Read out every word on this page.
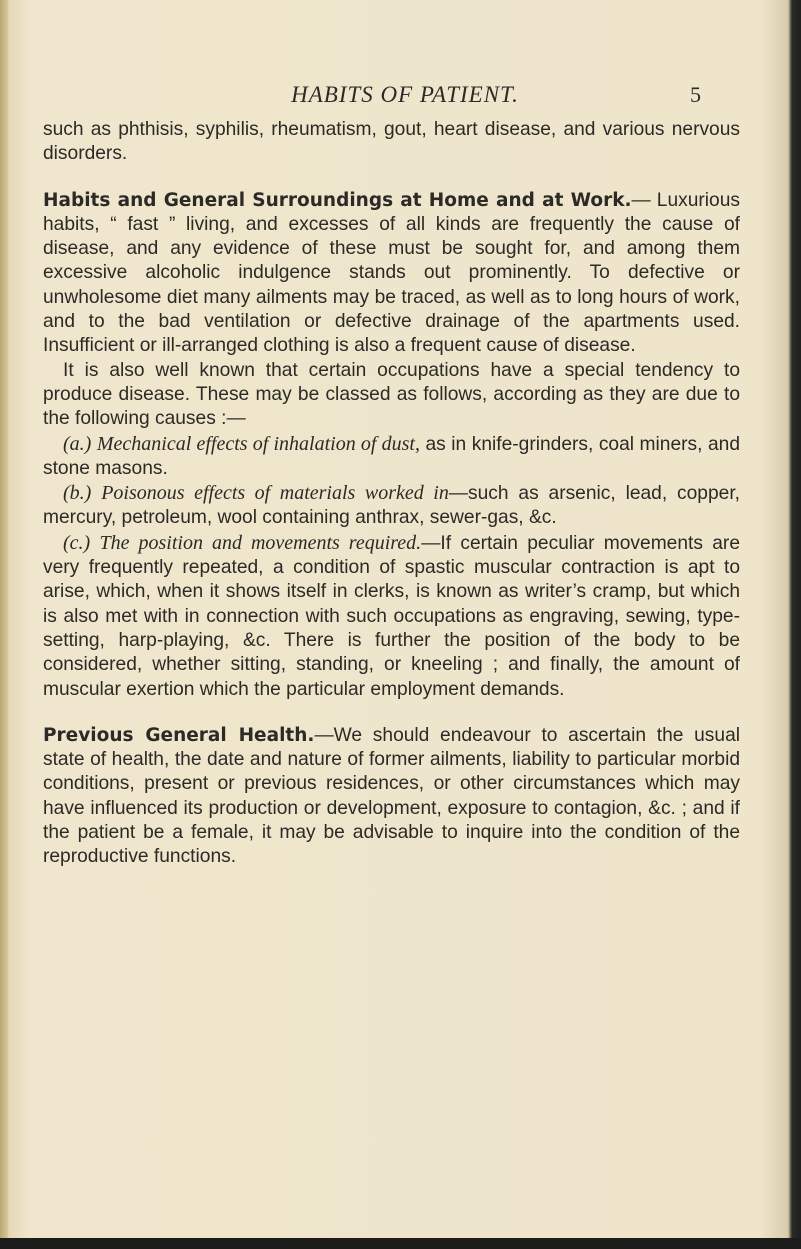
HABITS OF PATIENT.	5

such as phthisis, syphilis, rheumatism, gout, heart disease, and various nervous disorders.

Habits and General Surroundings at Home and at Work.— Luxurious habits, “ fast ” living, and excesses of all kinds are frequently the cause of disease, and any evidence of these must be sought for, and among them excessive alcoholic indulgence stands out prominently. To defective or unwholesome diet many ailments may be traced, as well as to long hours of work, and to the bad ventilation or defective drainage of the apartments used. Insufficient or ill-arranged clothing is also a frequent cause of disease.

It is also well known that certain occupations have a special tendency to produce disease. These may be classed as follows, according as they are due to the following causes :—

(a.) Mechanical effects of inhalation of dust, as in knife-grinders, coal miners, and stone masons.

(b.) Poisonous effects of materials worked in—such as arsenic, lead, copper, mercury, petroleum, wool containing anthrax, sewer-gas, &c.

(c.) The position and movements required.—If certain peculiar movements are very frequently repeated, a condition of spastic muscular contraction is apt to arise, which, when it shows itself in clerks, is known as writer’s cramp, but which is also met with in connection with such occupations as engraving, sewing, type-setting, harp-playing, &c. There is further the position of the body to be considered, whether sitting, standing, or kneeling ; and finally, the amount of muscular exertion which the particular employment demands.

Previous General Health.—We should endeavour to ascertain the usual state of health, the date and nature of former ailments, liability to particular morbid conditions, present or previous residences, or other circumstances which may have influenced its production or development, exposure to contagion, &c. ; and if the patient be a female, it may be advisable to inquire into the condition of the reproductive functions.
